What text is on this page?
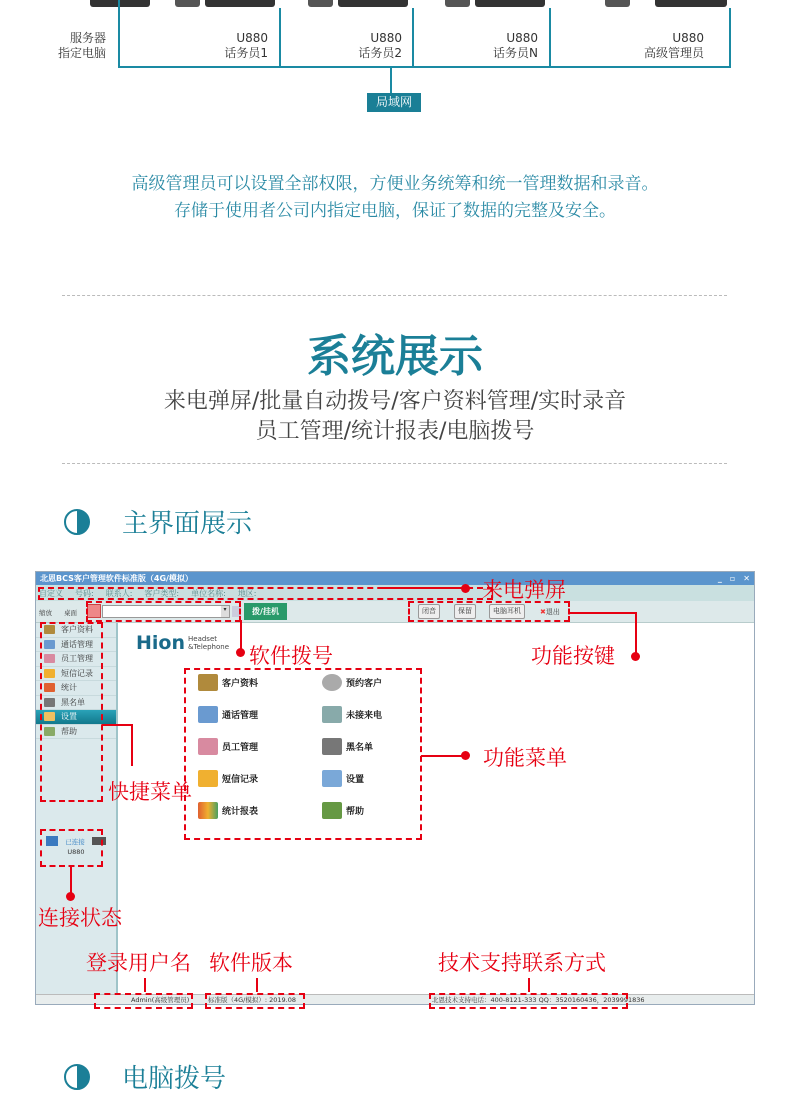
服务器
指定电脑
U880
话务员1
U880
话务员2
U880
话务员N
U880
高级管理员
局域网
高级管理员可以设置全部权限，方便业务统筹和统一管理数据和录音。
存储于使用者公司内指定电脑，保证了数据的完整及安全。
系统展示
来电弹屏/批量自动拨号/客户资料管理/实时录音
员工管理/统计报表/电脑拨号
主界面展示
北恩BCS客户管理软件标准版（4G/模拟）	_ ▫ ✕
自定义 号码: 联系人: 客户类型: 单位名称: 地区:
缩放 桌面	▾	拨/挂机	闭音	保留	电脑耳机	✖退出
客户资料
通话管理
员工管理
短信记录
统计
黑名单
设置
帮助
已连接
U880
Hion Headset
&Telephone
客户资料	预约客户
通话管理	未接来电
员工管理	黑名单
短信记录	设置
统计报表	帮助
Admin(高级管理员)	标准版（4G/模拟）: 2019.08	北恩技术支持电话：400-8121-333 QQ：3520160436，2039991836
来电弹屏
软件拨号	功能按键
功能菜单
快捷菜单
连接状态
登录用户名 软件版本	技术支持联系方式
电脑拨号
